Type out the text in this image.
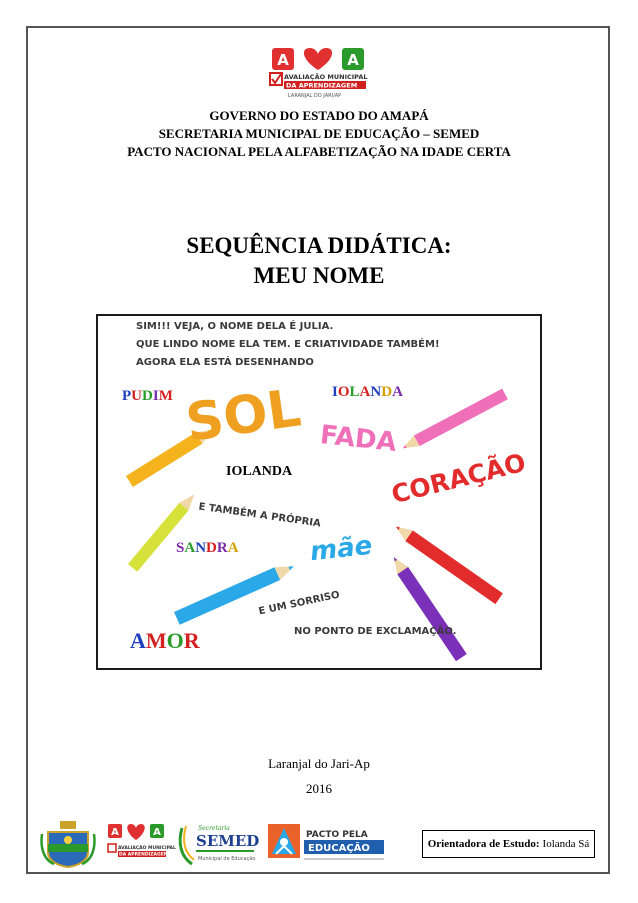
A	A
AVALIAÇÃO MUNICIPAL
DA APRENDIZAGEM
LARANJAL DO JARI/AP
GOVERNO DO ESTADO DO AMAPÁ
SECRETARIA MUNICIPAL DE EDUCAÇÃO – SEMED
PACTO NACIONAL PELA ALFABETIZAÇÃO NA IDADE CERTA
SEQUÊNCIA DIDÁTICA:
MEU NOME
SIM!!! VEJA, O NOME DELA É JULIA.
QUE LINDO NOME ELA TEM. E CRIATIVIDADE TAMBÉM!
AGORA ELA ESTÁ DESENHANDO
SOL FADA
CORAÇÃO
mãe
E TAMBÉM A PRÓPRIA
E UM SORRISO
NO PONTO DE EXCLAMAÇÃO.
PUDIM	IOLANDA
IOLANDA
SANDRA
AMOR
Laranjal do Jari-Ap
2016
A	A
AVALIAÇÃO MUNICIPAL
DA APRENDIZAGEM
Secretaria
SEMED
Municipal de Educação
PACTO PELA
EDUCAÇÃO	Orientadora de Estudo: Iolanda Sá
